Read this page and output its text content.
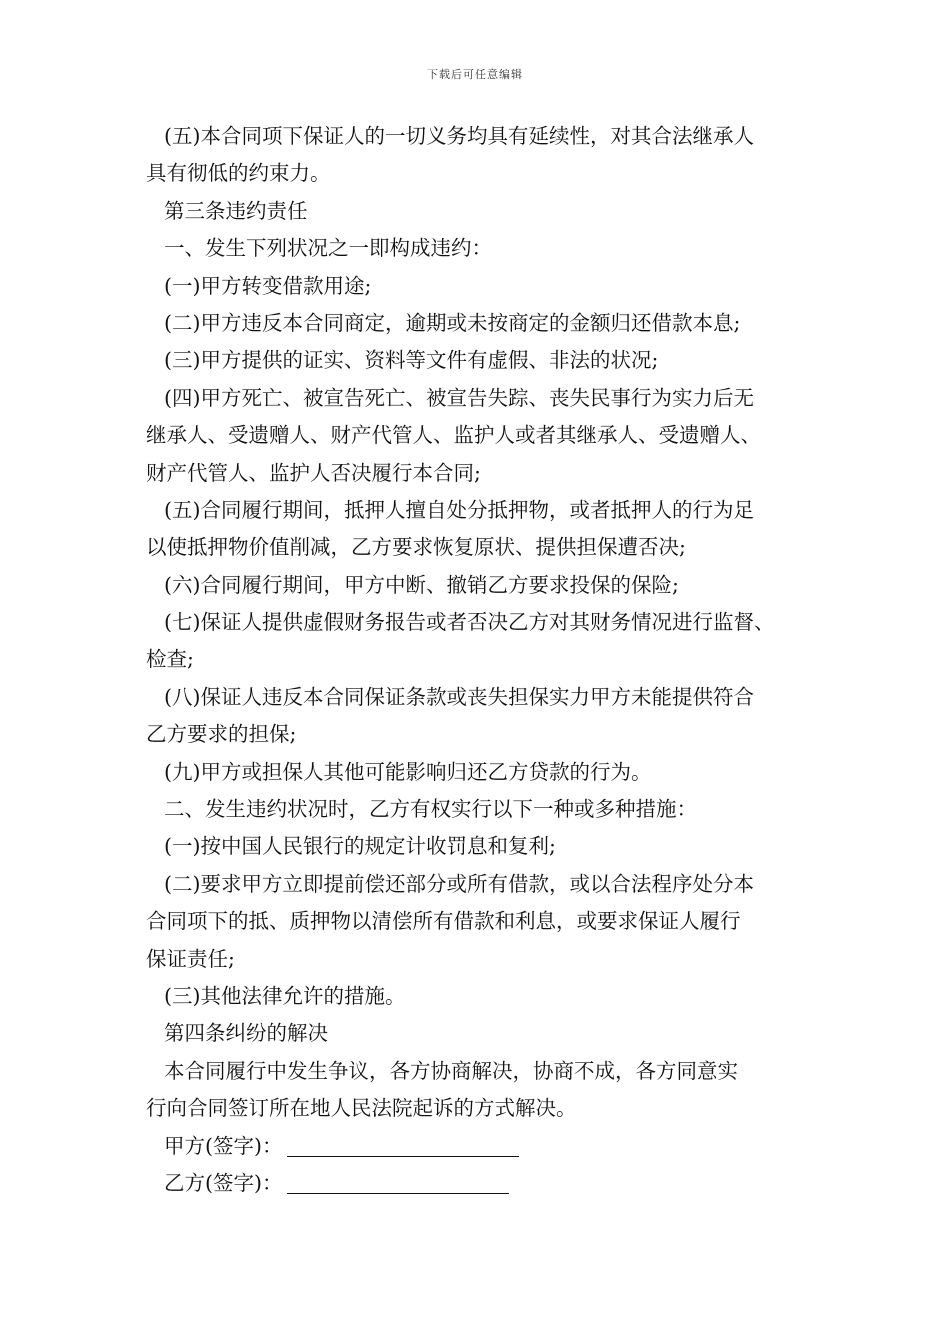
下载后可任意编辑
(五)本合同项下保证人的一切义务均具有延续性，对其合法继承人
具有彻低的约束力。
第三条违约责任
一、发生下列状况之一即构成违约：
(一)甲方转变借款用途;
(二)甲方违反本合同商定，逾期或未按商定的金额归还借款本息;
(三)甲方提供的证实、资料等文件有虚假、非法的状况;
(四)甲方死亡、被宣告死亡、被宣告失踪、丧失民事行为实力后无
继承人、受遗赠人、财产代管人、监护人或者其继承人、受遗赠人、
财产代管人、监护人否决履行本合同;
(五)合同履行期间，抵押人擅自处分抵押物，或者抵押人的行为足
以使抵押物价值削减，乙方要求恢复原状、提供担保遭否决;
(六)合同履行期间，甲方中断、撤销乙方要求投保的保险;
(七)保证人提供虚假财务报告或者否决乙方对其财务情况进行监督、
检查;
(八)保证人违反本合同保证条款或丧失担保实力甲方未能提供符合
乙方要求的担保;
(九)甲方或担保人其他可能影响归还乙方贷款的行为。
二、发生违约状况时，乙方有权实行以下一种或多种措施：
(一)按中国人民银行的规定计收罚息和复利;
(二)要求甲方立即提前偿还部分或所有借款，或以合法程序处分本
合同项下的抵、质押物以清偿所有借款和利息，或要求保证人履行
保证责任;
(三)其他法律允许的措施。
第四条纠纷的解决
本合同履行中发生争议，各方协商解决，协商不成，各方同意实
行向合同签订所在地人民法院起诉的方式解决。
甲方(签字)：
乙方(签字)：
